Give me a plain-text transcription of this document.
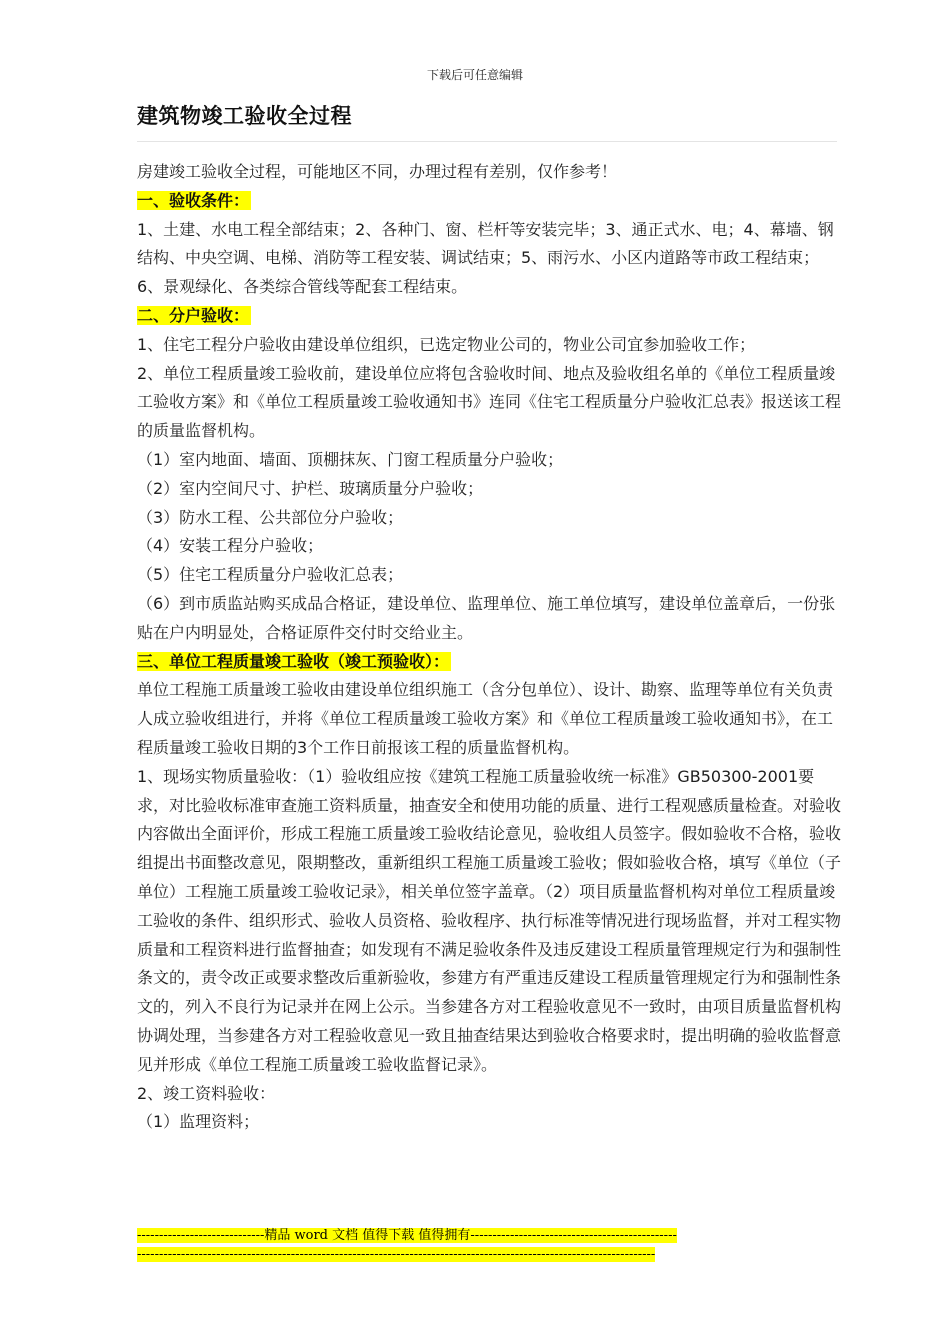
下载后可任意编辑
建筑物竣工验收全过程

房建竣工验收全过程，可能地区不同，办理过程有差别，仅作参考！

一、验收条件：

1、土建、水电工程全部结束；2、各种门、窗、栏杆等安装完毕；3、通正式水、电；4、幕墙、钢结构、中央空调、电梯、消防等工程安装、调试结束；5、雨污水、小区内道路等市政工程结束；6、景观绿化、各类综合管线等配套工程结束。

二、分户验收：

1、住宅工程分户验收由建设单位组织，已选定物业公司的，物业公司宜参加验收工作；

2、单位工程质量竣工验收前，建设单位应将包含验收时间、地点及验收组名单的《单位工程质量竣工验收方案》和《单位工程质量竣工验收通知书》连同《住宅工程质量分户验收汇总表》报送该工程的质量监督机构。

（1）室内地面、墙面、顶棚抹灰、门窗工程质量分户验收；

（2）室内空间尺寸、护栏、玻璃质量分户验收；

（3）防水工程、公共部位分户验收；

（4）安装工程分户验收；

（5）住宅工程质量分户验收汇总表；

（6）到市质监站购买成品合格证，建设单位、监理单位、施工单位填写，建设单位盖章后，一份张贴在户内明显处，合格证原件交付时交给业主。

三、单位工程质量竣工验收（竣工预验收）：

单位工程施工质量竣工验收由建设单位组织施工（含分包单位）、设计、勘察、监理等单位有关负责人成立验收组进行，并将《单位工程质量竣工验收方案》和《单位工程质量竣工验收通知书》，在工程质量竣工验收日期的3个工作日前报该工程的质量监督机构。

1、现场实物质量验收：（1）验收组应按《建筑工程施工质量验收统一标准》GB50300-2001要求，对比验收标准审查施工资料质量，抽查安全和使用功能的质量、进行工程观感质量检查。对验收内容做出全面评价，形成工程施工质量竣工验收结论意见，验收组人员签字。假如验收不合格，验收组提出书面整改意见，限期整改，重新组织工程施工质量竣工验收；假如验收合格，填写《单位（子单位）工程施工质量竣工验收记录》，相关单位签字盖章。（2）项目质量监督机构对单位工程质量竣工验收的条件、组织形式、验收人员资格、验收程序、执行标准等情况进行现场监督，并对工程实物质量和工程资料进行监督抽查；如发现有不满足验收条件及违反建设工程质量管理规定行为和强制性条文的，责令改正或要求整改后重新验收，参建方有严重违反建设工程质量管理规定行为和强制性条文的，列入不良行为记录并在网上公示。当参建各方对工程验收意见不一致时，由项目质量监督机构协调处理，当参建各方对工程验收意见一致且抽查结果达到验收合格要求时，提出明确的验收监督意见并形成《单位工程施工质量竣工验收监督记录》。

2、竣工资料验收：

（1）监理资料；

-----------------------------精品 word 文档 值得下载 值得拥有-----------------------------------------------
----------------------------------------------------------------------------------------------------------------------
